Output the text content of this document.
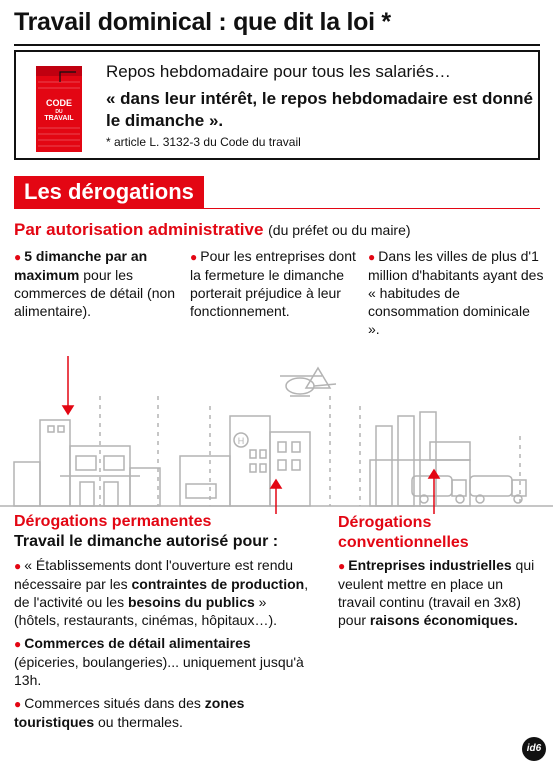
Travail dominical : que dit la loi *
CODE
DU
TRAVAIL
Repos hebdomadaire pour tous les salariés…
« dans leur intérêt, le repos hebdomadaire est donné le dimanche ».
* article L. 3132-3 du Code du travail
Les dérogations
Par autorisation administrative (du préfet ou du maire)
● 5 dimanche par an maximum pour les commerces de détail (non alimentaire).
● Pour les entreprises dont la fermeture le dimanche porterait préjudice à leur fonctionnement.
● Dans les villes de plus d'1 million d'habitants ayant des « habitudes de consommation dominicale ».
H
Dérogations permanentes
Travail le dimanche autorisé pour :
● « Établissements dont l'ouverture est rendu nécessaire par les contraintes de production, de l'activité ou les besoins du publics » (hôtels, restaurants, cinémas, hôpitaux…).
● Commerces de détail alimentaires (épiceries, boulangeries)... uniquement jusqu'à 13h.
● Commerces situés dans des zones touristiques ou thermales.
Dérogations
conventionnelles
● Entreprises industrielles qui veulent mettre en place un travail continu (travail en 3x8) pour raisons économiques.
id6
